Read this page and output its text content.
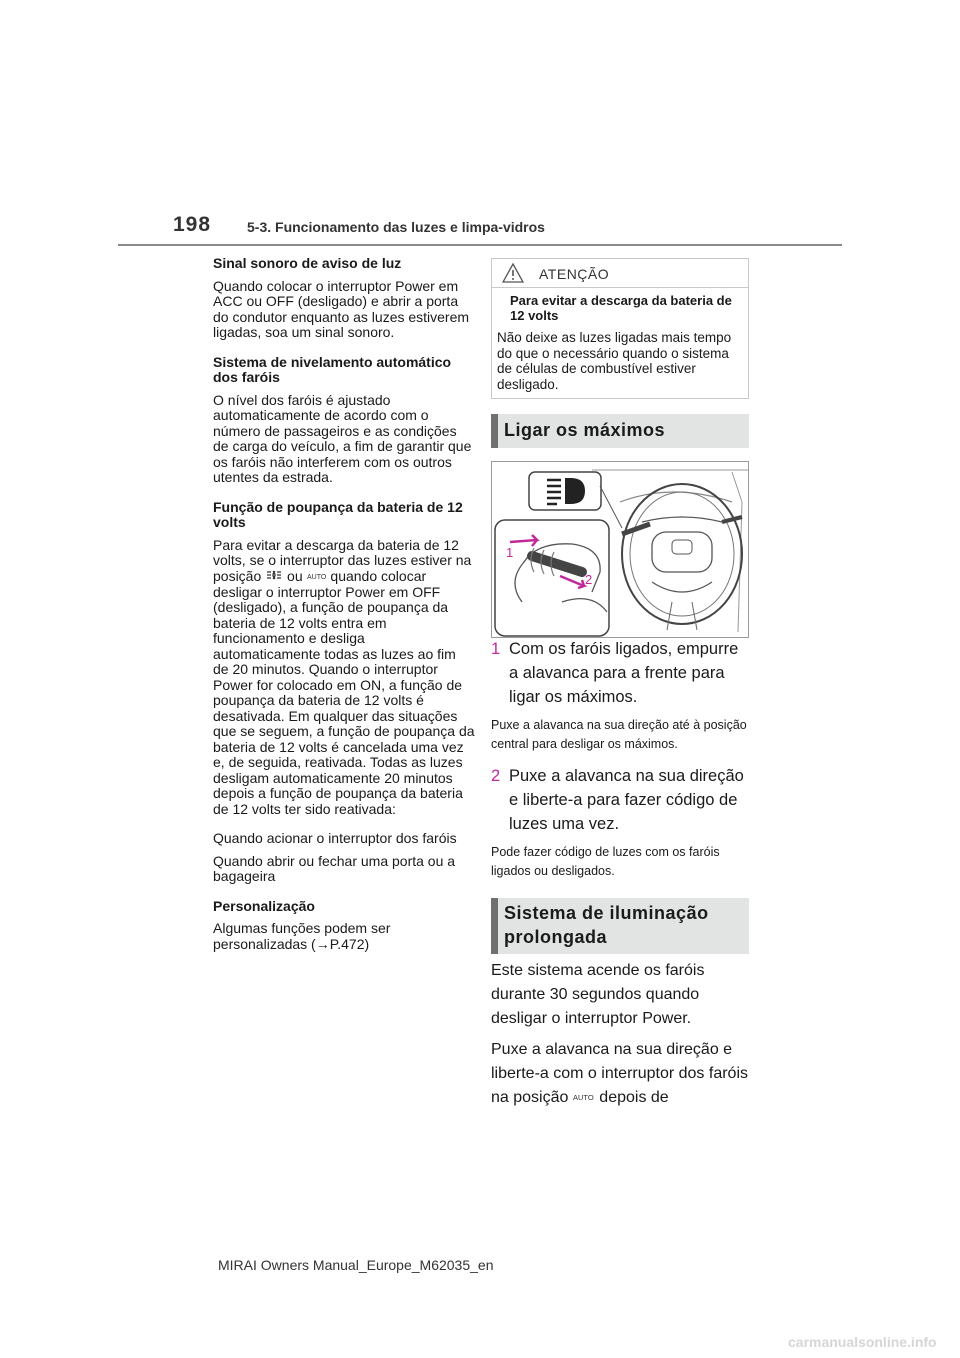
198	5-3. Funcionamento das luzes e limpa-vidros

Sinal sonoro de aviso de luz

Quando colocar o interruptor Power em ACC ou OFF (desligado) e abrir a porta do condutor enquanto as luzes estiverem ligadas, soa um sinal sonoro.

Sistema de nivelamento automático dos faróis

O nível dos faróis é ajustado automaticamente de acordo com o número de passageiros e as condições de carga do veículo, a fim de garantir que os faróis não interferem com os outros utentes da estrada.

Função de poupança da bateria de 12 volts

Para evitar a descarga da bateria de 12 volts, se o interruptor das luzes estiver na posição ou AUTO quando colocar desligar o interruptor Power em OFF (desligado), a função de poupança da bateria de 12 volts entra em funcionamento e desliga automaticamente todas as luzes ao fim de 20 minutos. Quando o interruptor Power for colocado em ON, a função de poupança da bateria de 12 volts é desativada. Em qualquer das situações que se seguem, a função de poupança da bateria de 12 volts é cancelada uma vez e, de seguida, reativada. Todas as luzes desligam automaticamente 20 minutos depois a função de poupança da bateria de 12 volts ter sido reativada:

Quando acionar o interruptor dos faróis

Quando abrir ou fechar uma porta ou a bagageira

Personalização

Algumas funções podem ser personalizadas (→P.472)

ATENÇÃO
Para evitar a descarga da bateria de 12 volts
Não deixe as luzes ligadas mais tempo do que o necessário quando o sistema de células de combustível estiver desligado.
Ligar os máximos
1
2
1 Com os faróis ligados, empurre a alavanca para a frente para ligar os máximos.
Puxe a alavanca na sua direção até à posição central para desligar os máximos.
2 Puxe a alavanca na sua direção e liberte-a para fazer código de luzes uma vez.
Pode fazer código de luzes com os faróis ligados ou desligados.
Sistema de iluminação
prolongada
Este sistema acende os faróis durante 30 segundos quando desligar o interruptor Power.
Puxe a alavanca na sua direção e liberte-a com o interruptor dos faróis na posição AUTO depois de
MIRAI Owners Manual_Europe_M62035_en
carmanualsonline.info
